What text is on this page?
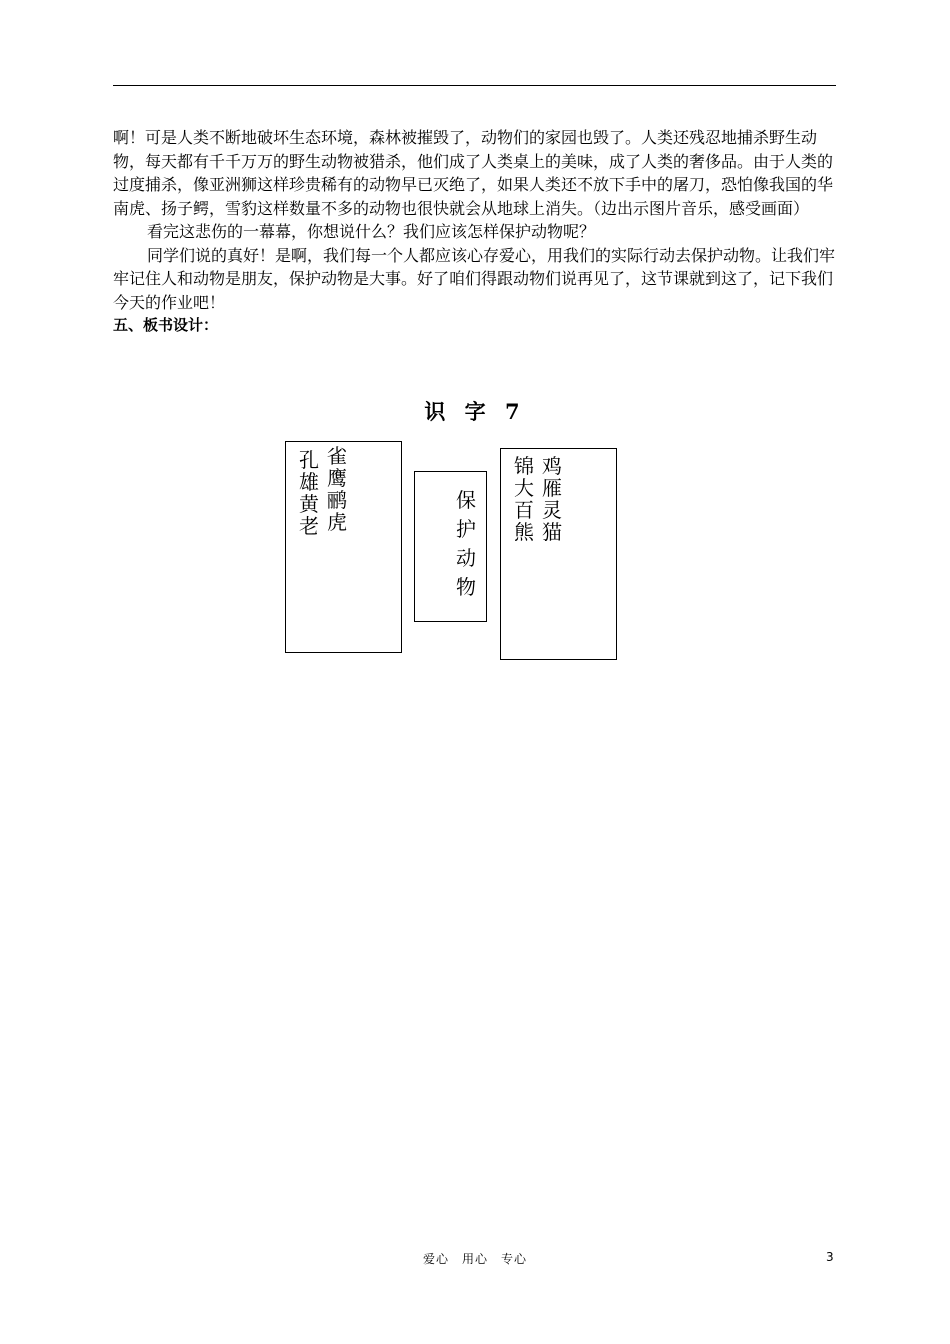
啊！可是人类不断地破坏生态环境，森林被摧毁了，动物们的家园也毁了。人类还残忍地捕杀野生动物，每天都有千千万万的野生动物被猎杀，他们成了人类桌上的美味，成了人类的奢侈品。由于人类的过度捕杀，像亚洲狮这样珍贵稀有的动物早已灭绝了，如果人类还不放下手中的屠刀，恐怕像我国的华南虎、扬子鳄，雪豹这样数量不多的动物也很快就会从地球上消失。（边出示图片音乐，感受画面）

看完这悲伤的一幕幕，你想说什么？我们应该怎样保护动物呢？

同学们说的真好！是啊，我们每一个人都应该心存爱心，用我们的实际行动去保护动物。让我们牢牢记住人和动物是朋友，保护动物是大事。好了咱们得跟动物们说再见了，这节课就到这了，记下我们今天的作业吧！

五、板书设计：

识 字 7
孔雄黄老
雀鹰鹂虎
保护动物
锦大百熊
鸡雁灵猫
爱心　用心　专心	3
